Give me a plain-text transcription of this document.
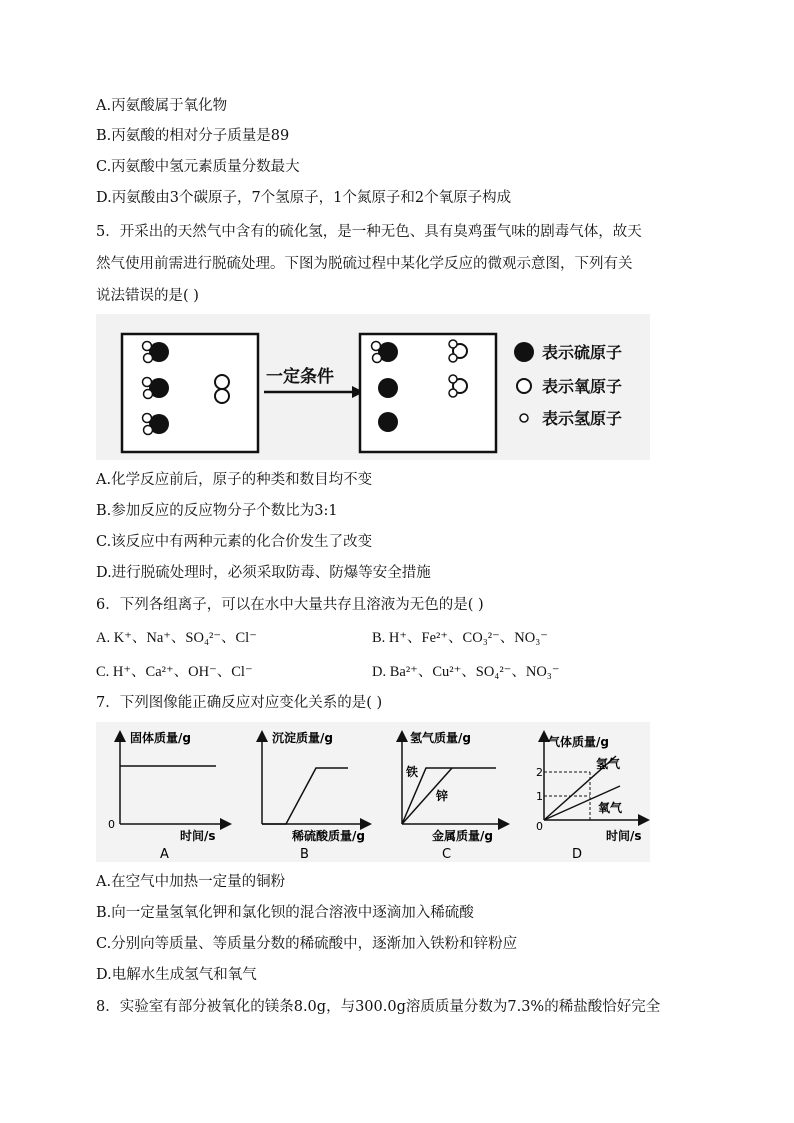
A.丙氨酸属于氧化物
B.丙氨酸的相对分子质量是89
C.丙氨酸中氢元素质量分数最大
D.丙氨酸由3个碳原子，7个氢原子，1个氮原子和2个氧原子构成
5．开采出的天然气中含有的硫化氢，是一种无色、具有臭鸡蛋气味的剧毒气体，故天
然气使用前需进行脱硫处理。下图为脱硫过程中某化学反应的微观示意图，下列有关
说法错误的是( )
一定条件
表示硫原子
表示氧原子
表示氢原子
A.化学反应前后，原子的种类和数目均不变
B.参加反应的反应物分子个数比为3:1
C.该反应中有两种元素的化合价发生了改变
D.进行脱硫处理时，必须采取防毒、防爆等安全措施
6．下列各组离子，可以在水中大量共存且溶液为无色的是( )
A. K⁺、Na⁺、SO₄²⁻、Cl⁻	B. H⁺、Fe²⁺、CO₃²⁻、NO₃⁻
C. H⁺、Ca²⁺、OH⁻、Cl⁻	D. Ba²⁺、Cu²⁺、SO₄²⁻、NO₃⁻
7．下列图像能正确反应对应变化关系的是( )
固体质量/g
时间/s
0
A
沉淀质量/g
稀硫酸质量/g
B
氢气质量/g
金属质量/g
铁
锌
C
气体质量/g
时间/s
2
1
氢气
氧气
0
D
A.在空气中加热一定量的铜粉
B.向一定量氢氧化钾和氯化钡的混合溶液中逐滴加入稀硫酸
C.分别向等质量、等质量分数的稀硫酸中，逐渐加入铁粉和锌粉应
D.电解水生成氢气和氧气
8．实验室有部分被氧化的镁条8.0g，与300.0g溶质质量分数为7.3%的稀盐酸恰好完全
